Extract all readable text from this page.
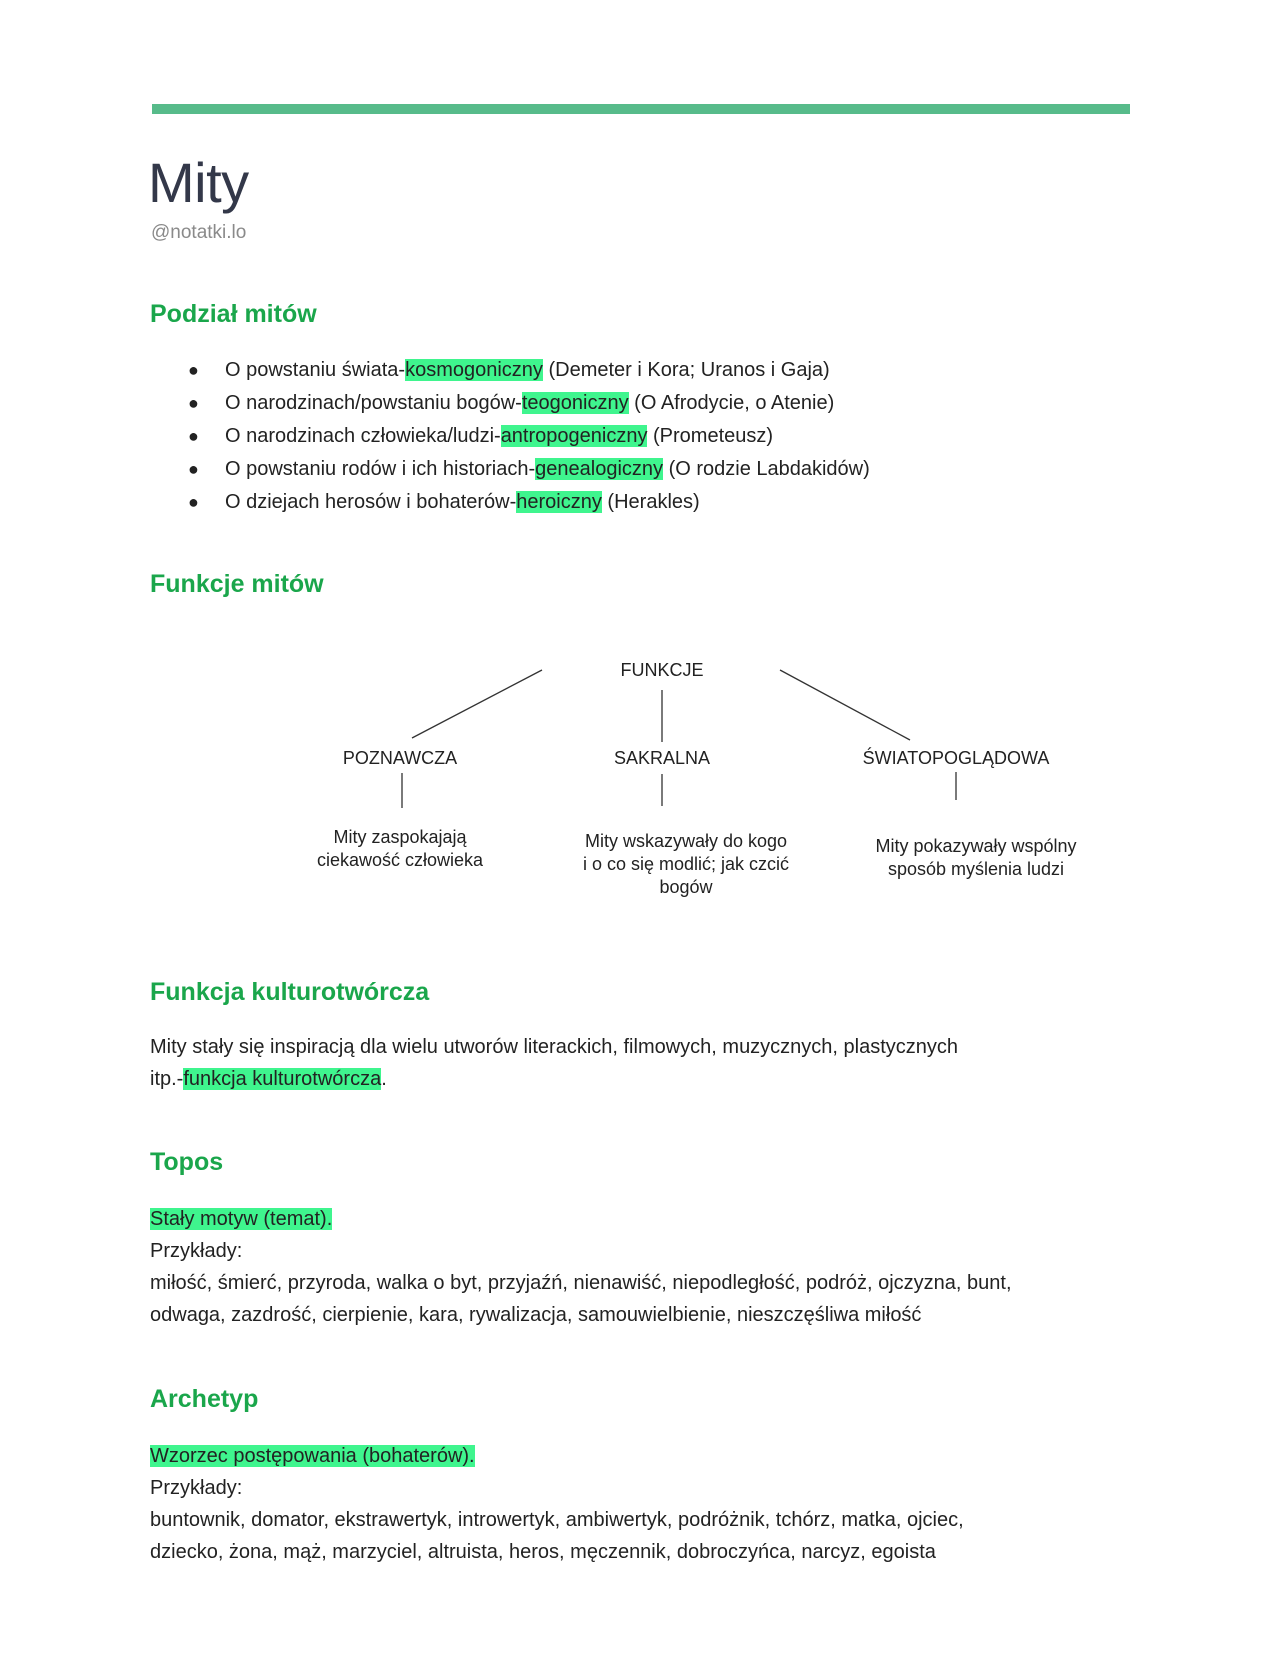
Mity
@notatki.lo
Podział mitów
● O powstaniu świata-kosmogoniczny (Demeter i Kora; Uranos i Gaja)
● O narodzinach/powstaniu bogów-teogoniczny (O Afrodycie, o Atenie)
● O narodzinach człowieka/ludzi-antropogeniczny (Prometeusz)
● O powstaniu rodów i ich historiach-genealogiczny (O rodzie Labdakidów)
● O dziejach herosów i bohaterów-heroiczny (Herakles)
Funkcje mitów
FUNKCJE
POZNAWCZA	SAKRALNA	ŚWIATOPOGLĄDOWA
Mity zaspokajają
ciekawość człowieka
Mity wskazywały do kogo
i o co się modlić; jak czcić
bogów
Mity pokazywały wspólny
sposób myślenia ludzi
Funkcja kulturotwórcza
Mity stały się inspiracją dla wielu utworów literackich, filmowych, muzycznych, plastycznych
itp.-funkcja kulturotwórcza.
Topos
Stały motyw (temat).
Przykłady:
miłość, śmierć, przyroda, walka o byt, przyjaźń, nienawiść, niepodległość, podróż, ojczyzna, bunt,
odwaga, zazdrość, cierpienie, kara, rywalizacja, samouwielbienie, nieszczęśliwa miłość
Archetyp
Wzorzec postępowania (bohaterów).
Przykłady:
buntownik, domator, ekstrawertyk, introwertyk, ambiwertyk, podróżnik, tchórz, matka, ojciec,
dziecko, żona, mąż, marzyciel, altruista, heros, męczennik, dobroczyńca, narcyz, egoista
